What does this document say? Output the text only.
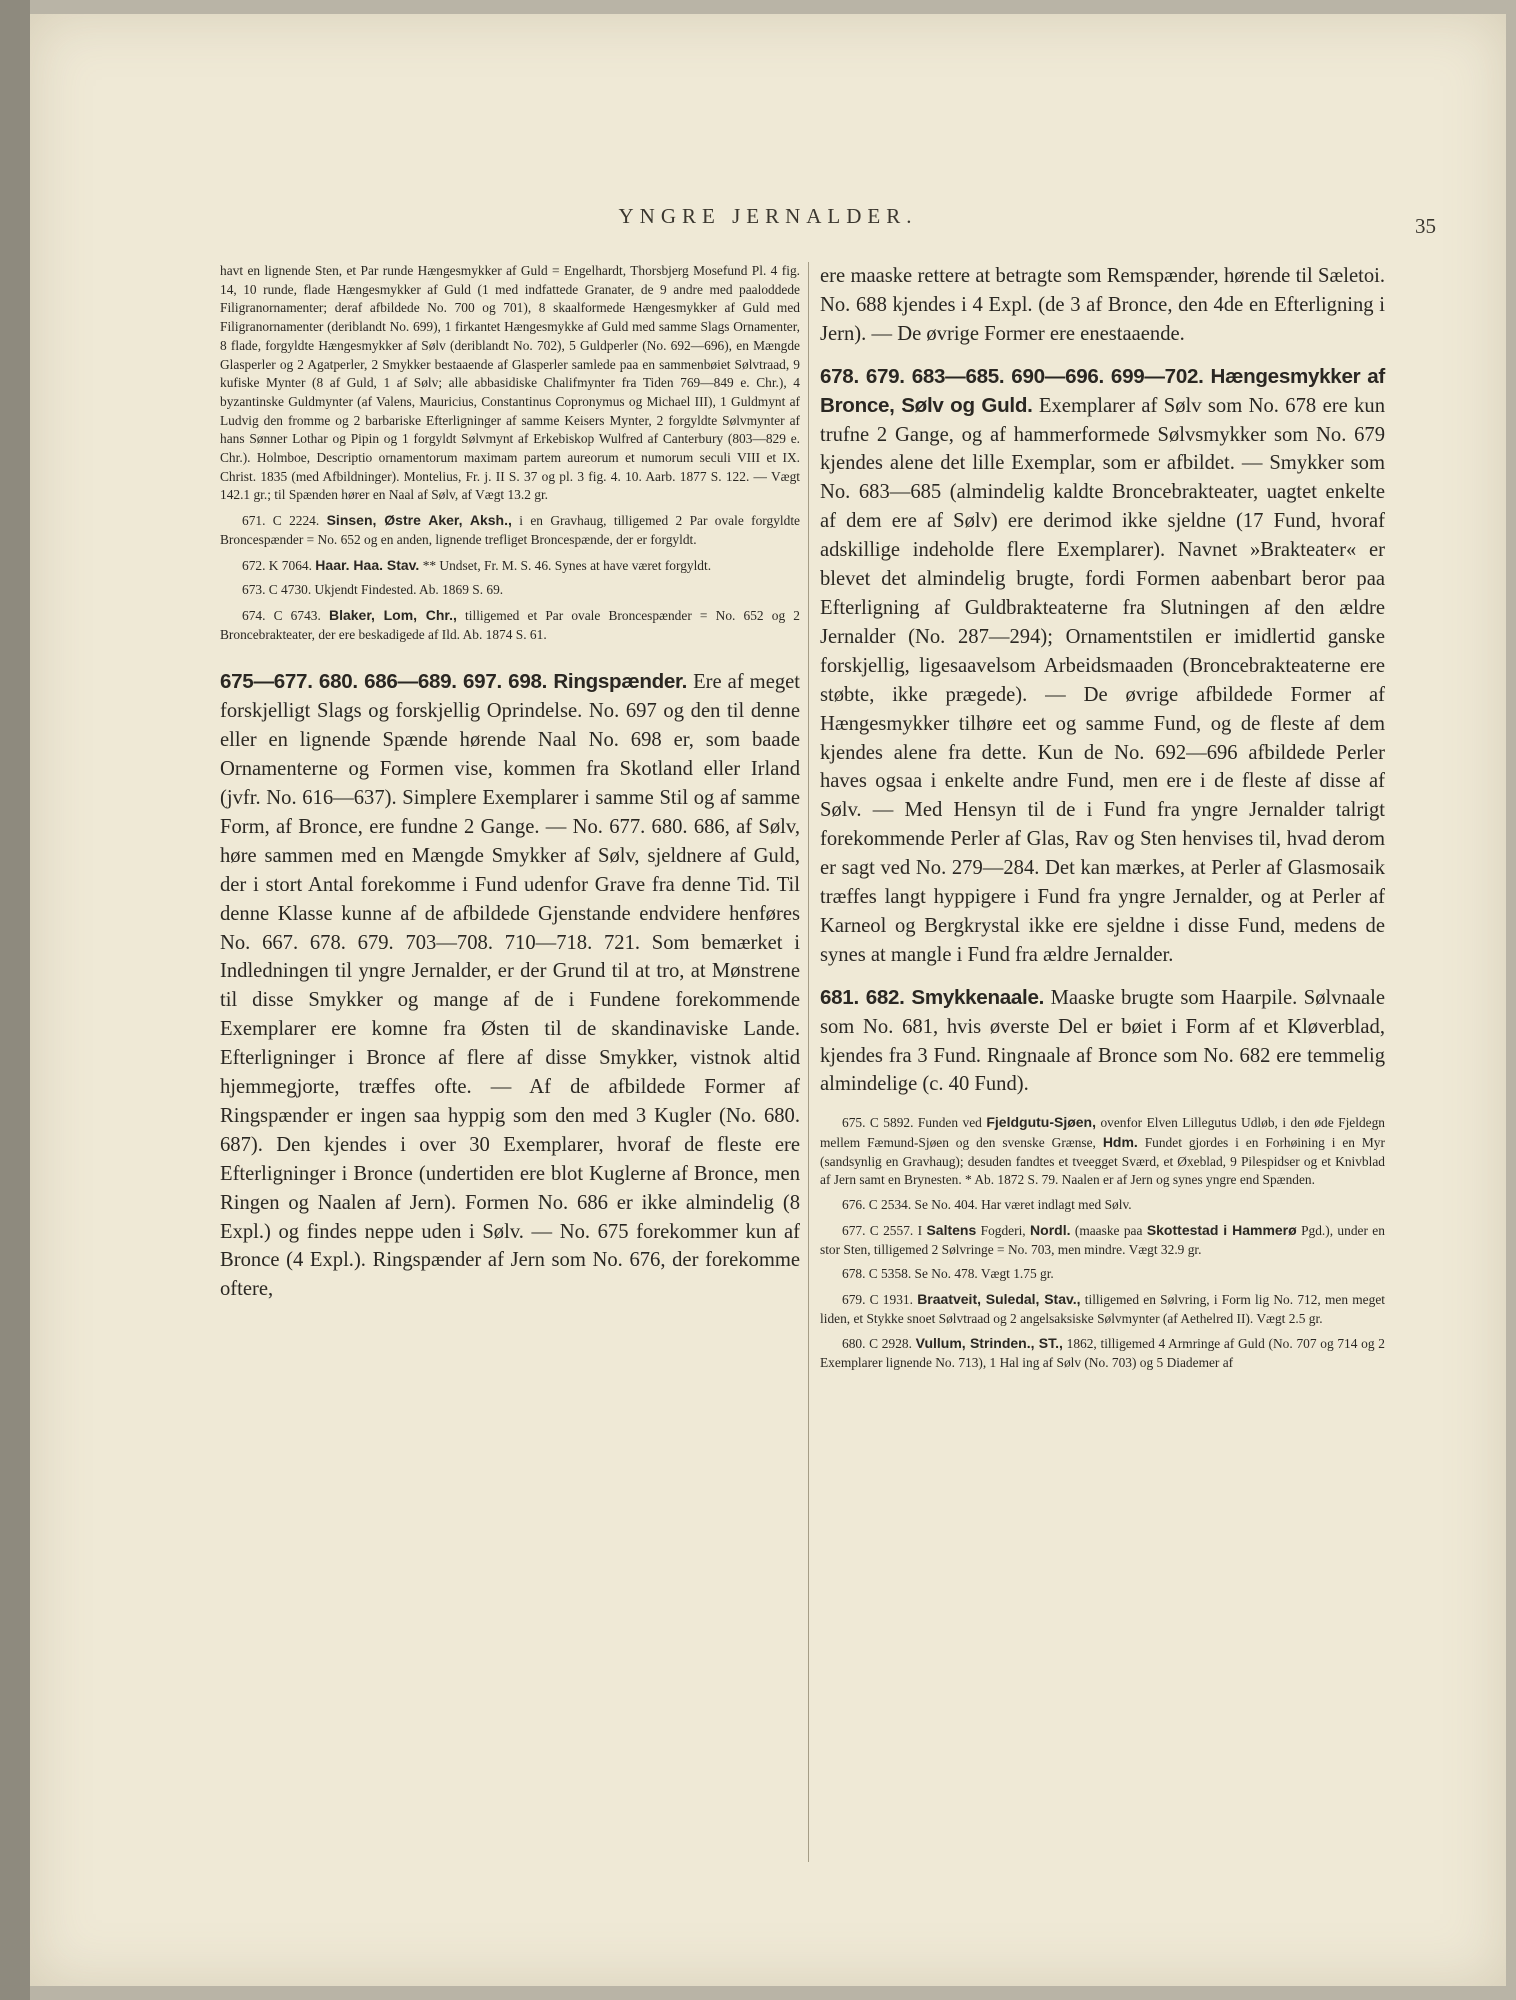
YNGRE JERNALDER.	35

havt en lignende Sten, et Par runde Hængesmykker af Guld = Engelhardt, Thorsbjerg Mosefund Pl. 4 fig. 14, 10 runde, flade Hængesmykker af Guld (1 med indfattede Granater, de 9 andre med paaloddede Filigranornamenter; deraf afbildede No. 700 og 701), 8 skaalformede Hængesmykker af Guld med Filigranornamenter (deriblandt No. 699), 1 firkantet Hængesmykke af Guld med samme Slags Ornamenter, 8 flade, forgyldte Hængesmykker af Sølv (deriblandt No. 702), 5 Guldperler (No. 692—696), en Mængde Glasperler og 2 Agatperler, 2 Smykker bestaaende af Glasperler samlede paa en sammenbøiet Sølvtraad, 9 kufiske Mynter (8 af Guld, 1 af Sølv; alle abbasidiske Chalifmynter fra Tiden 769—849 e. Chr.), 4 byzantinske Guldmynter (af Valens, Mauricius, Constantinus Copronymus og Michael III), 1 Guldmynt af Ludvig den fromme og 2 barbariske Efterligninger af samme Keisers Mynter, 2 forgyldte Sølvmynter af hans Sønner Lothar og Pipin og 1 forgyldt Sølvmynt af Erkebiskop Wulfred af Canterbury (803—829 e. Chr.). Holmboe, Descriptio ornamentorum maximam partem aureorum et numorum seculi VIII et IX. Christ. 1835 (med Afbildninger). Montelius, Fr. j. II S. 37 og pl. 3 fig. 4. 10. Aarb. 1877 S. 122. — Vægt 142.1 gr.; til Spænden hører en Naal af Sølv, af Vægt 13.2 gr.

671. C 2224. Sinsen, Østre Aker, Aksh., i en Gravhaug, tilligemed 2 Par ovale forgyldte Broncespænder = No. 652 og en anden, lignende trefliget Broncespænde, der er forgyldt.

672. K 7064. Haar. Haa. Stav. ** Undset, Fr. M. S. 46. Synes at have været forgyldt.

673. C 4730. Ukjendt Findested. Ab. 1869 S. 69.

674. C 6743. Blaker, Lom, Chr., tilligemed et Par ovale Broncespænder = No. 652 og 2 Broncebrakteater, der ere beskadigede af Ild. Ab. 1874 S. 61.

675—677. 680. 686—689. 697. 698. Ringspænder. Ere af meget forskjelligt Slags og forskjellig Oprindelse. No. 697 og den til denne eller en lignende Spænde hørende Naal No. 698 er, som baade Ornamenterne og Formen vise, kommen fra Skotland eller Irland (jvfr. No. 616—637). Simplere Exemplarer i samme Stil og af samme Form, af Bronce, ere fundne 2 Gange. — No. 677. 680. 686, af Sølv, høre sammen med en Mængde Smykker af Sølv, sjeldnere af Guld, der i stort Antal forekomme i Fund udenfor Grave fra denne Tid. Til denne Klasse kunne af de afbildede Gjenstande endvidere henføres No. 667. 678. 679. 703—708. 710—718. 721. Som bemærket i Indledningen til yngre Jernalder, er der Grund til at tro, at Mønstrene til disse Smykker og mange af de i Fundene forekommende Exemplarer ere komne fra Østen til de skandinaviske Lande. Efterligninger i Bronce af flere af disse Smykker, vistnok altid hjemmegjorte, træffes ofte. — Af de afbildede Former af Ringspænder er ingen saa hyppig som den med 3 Kugler (No. 680. 687). Den kjendes i over 30 Exemplarer, hvoraf de fleste ere Efterligninger i Bronce (undertiden ere blot Kuglerne af Bronce, men Ringen og Naalen af Jern). Formen No. 686 er ikke almindelig (8 Expl.) og findes neppe uden i Sølv. — No. 675 forekommer kun af Bronce (4 Expl.). Ringspænder af Jern som No. 676, der forekomme oftere,

ere maaske rettere at betragte som Remspænder, hørende til Sæletoi. No. 688 kjendes i 4 Expl. (de 3 af Bronce, den 4de en Efterligning i Jern). — De øvrige Former ere enestaaende.

678. 679. 683—685. 690—696. 699—702. Hængesmykker af Bronce, Sølv og Guld. Exemplarer af Sølv som No. 678 ere kun trufne 2 Gange, og af hammerformede Sølvsmykker som No. 679 kjendes alene det lille Exemplar, som er afbildet. — Smykker som No. 683—685 (almindelig kaldte Broncebrakteater, uagtet enkelte af dem ere af Sølv) ere derimod ikke sjeldne (17 Fund, hvoraf adskillige indeholde flere Exemplarer). Navnet »Brakteater« er blevet det almindelig brugte, fordi Formen aabenbart beror paa Efterligning af Guldbrakteaterne fra Slutningen af den ældre Jernalder (No. 287—294); Ornamentstilen er imidlertid ganske forskjellig, ligesaavelsom Arbeidsmaaden (Broncebrakteaterne ere støbte, ikke prægede). — De øvrige afbildede Former af Hængesmykker tilhøre eet og samme Fund, og de fleste af dem kjendes alene fra dette. Kun de No. 692—696 afbildede Perler haves ogsaa i enkelte andre Fund, men ere i de fleste af disse af Sølv. — Med Hensyn til de i Fund fra yngre Jernalder talrigt forekommende Perler af Glas, Rav og Sten henvises til, hvad derom er sagt ved No. 279—284. Det kan mærkes, at Perler af Glasmosaik træffes langt hyppigere i Fund fra yngre Jernalder, og at Perler af Karneol og Bergkrystal ikke ere sjeldne i disse Fund, medens de synes at mangle i Fund fra ældre Jernalder.

681. 682. Smykkenaale. Maaske brugte som Haarpile. Sølvnaale som No. 681, hvis øverste Del er bøiet i Form af et Kløverblad, kjendes fra 3 Fund. Ringnaale af Bronce som No. 682 ere temmelig almindelige (c. 40 Fund).

675. C 5892. Funden ved Fjeldgutu-Sjøen, ovenfor Elven Lillegutus Udløb, i den øde Fjeldegn mellem Fæmund-Sjøen og den svenske Grænse, Hdm. Fundet gjordes i en Forhøining i en Myr (sandsynlig en Gravhaug); desuden fandtes et tveegget Sværd, et Øxeblad, 9 Pilespidser og et Knivblad af Jern samt en Brynesten. * Ab. 1872 S. 79. Naalen er af Jern og synes yngre end Spænden.

676. C 2534. Se No. 404. Har været indlagt med Sølv.

677. C 2557. I Saltens Fogderi, Nordl. (maaske paa Skottestad i Hammerø Pgd.), under en stor Sten, tilligemed 2 Sølvringe = No. 703, men mindre. Vægt 32.9 gr.

678. C 5358. Se No. 478. Vægt 1.75 gr.

679. C 1931. Braatveit, Suledal, Stav., tilligemed en Sølvring, i Form lig No. 712, men meget liden, et Stykke snoet Sølvtraad og 2 angelsaksiske Sølvmynter (af Aethelred II). Vægt 2.5 gr.

680. C 2928. Vullum, Strinden., ST., 1862, tilligemed 4 Armringe af Guld (No. 707 og 714 og 2 Exemplarer lignende No. 713), 1 Hal ing af Sølv (No. 703) og 5 Diademer af
